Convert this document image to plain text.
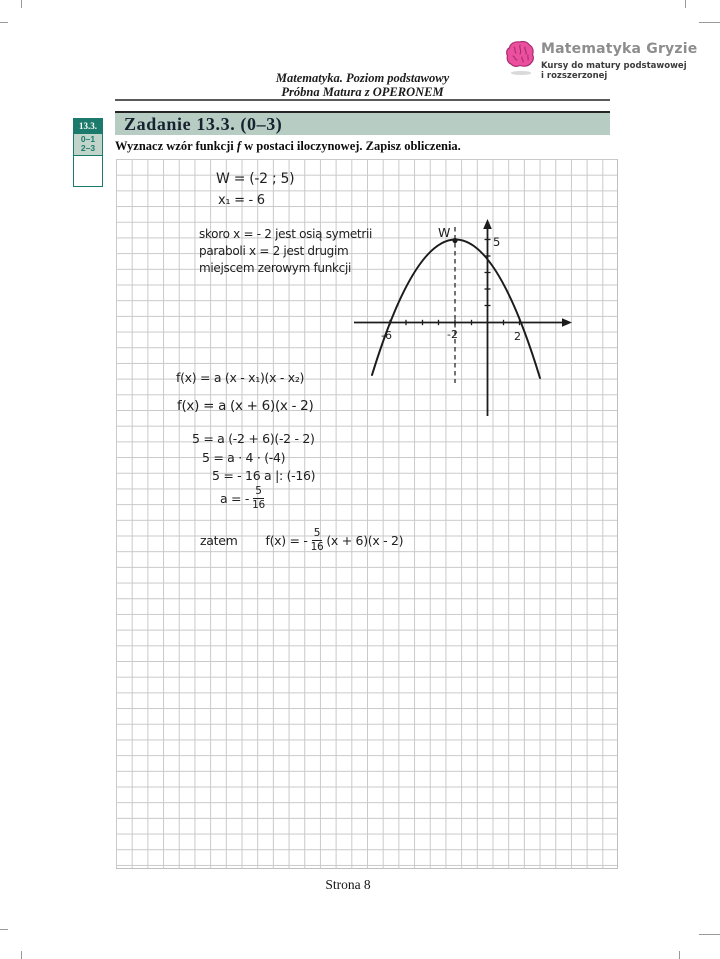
Matematyka Gryzie
Kursy do matury podstawowej
i rozszerzonej
Matematyka. Poziom podstawowy
Próbna Matura z OPERONEM
13.3.
0–1
2–3
Zadanie 13.3. (0–3)
Wyznacz wzór funkcji f w postaci iloczynowej. Zapisz obliczenia.
W
5
-6	-2	2
W = (-2 ; 5)
x₁ = - 6
skoro x = - 2 jest osią symetrii
paraboli x = 2 jest drugim
miejscem zerowym funkcji
f(x) = a (x - x₁)(x - x₂)
f(x) = a (x + 6)(x - 2)
5 = a (-2 + 6)(-2 - 2)
5 = a · 4 · (-4)
5 = - 16 a |: (-16)
a = - $\frac{5}{16}$
zatem f(x) = - $\frac{5}{16} (x + 6)(x - 2)$
Strona 8
